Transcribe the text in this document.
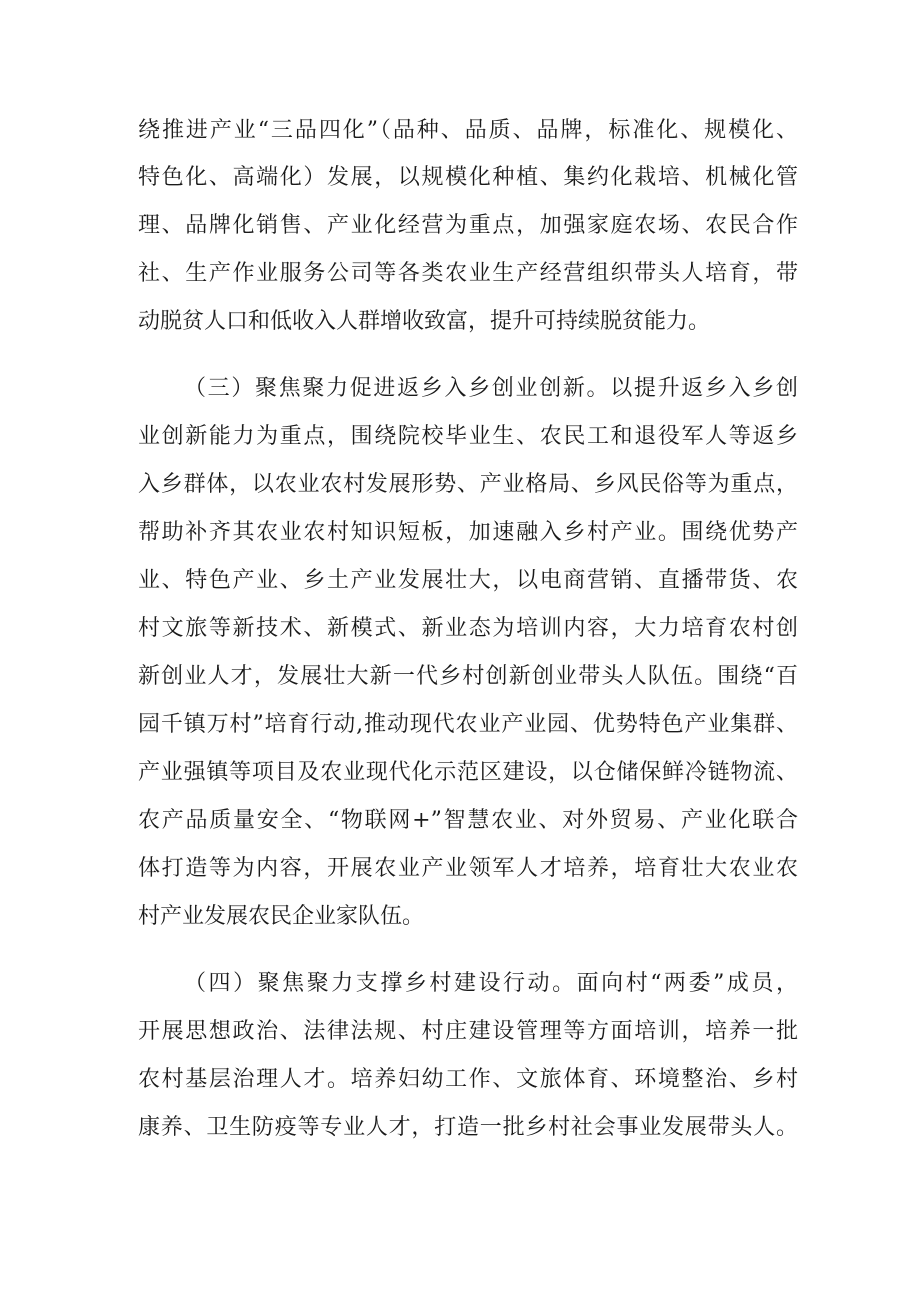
绕推进产业“三品四化”（品种、品质、品牌，标准化、规模化、

特色化、高端化）发展，以规模化种植、集约化栽培、机械化管

理、品牌化销售、产业化经营为重点，加强家庭农场、农民合作

社、生产作业服务公司等各类农业生产经营组织带头人培育，带

动脱贫人口和低收入人群增收致富，提升可持续脱贫能力。

（三）聚焦聚力促进返乡入乡创业创新。以提升返乡入乡创

业创新能力为重点，围绕院校毕业生、农民工和退役军人等返乡

入乡群体，以农业农村发展形势、产业格局、乡风民俗等为重点，

帮助补齐其农业农村知识短板，加速融入乡村产业。围绕优势产

业、特色产业、乡土产业发展壮大，以电商营销、直播带货、农

村文旅等新技术、新模式、新业态为培训内容，大力培育农村创

新创业人才，发展壮大新一代乡村创新创业带头人队伍。围绕“百

园千镇万村”培育行动,推动现代农业产业园、优势特色产业集群、

产业强镇等项目及农业现代化示范区建设，以仓储保鲜冷链物流、

农产品质量安全、“物联网+”智慧农业、对外贸易、产业化联合

体打造等为内容，开展农业产业领军人才培养，培育壮大农业农

村产业发展农民企业家队伍。

（四）聚焦聚力支撑乡村建设行动。面向村“两委”成员，

开展思想政治、法律法规、村庄建设管理等方面培训，培养一批

农村基层治理人才。培养妇幼工作、文旅体育、环境整治、乡村

康养、卫生防疫等专业人才，打造一批乡村社会事业发展带头人。
